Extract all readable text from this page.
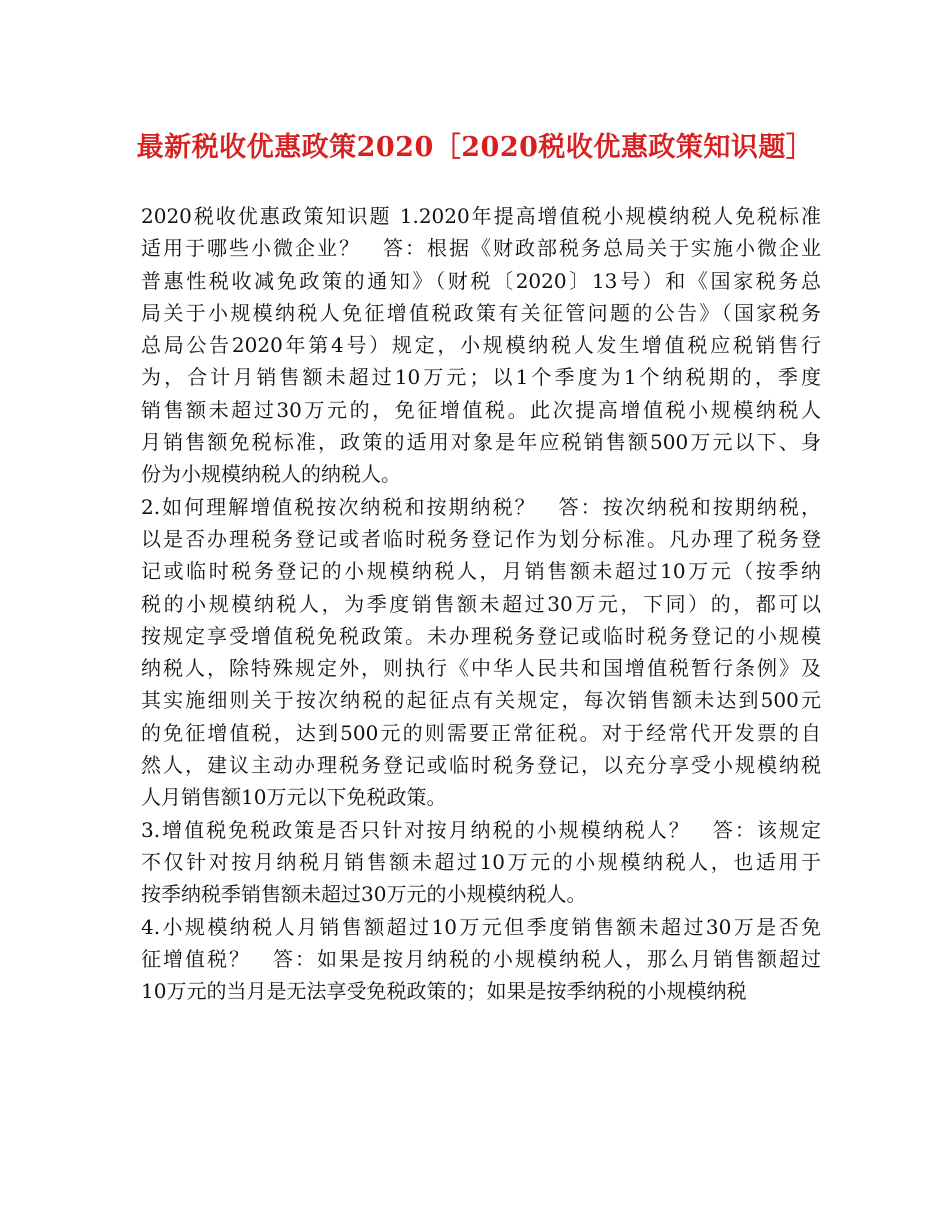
最新税收优惠政策2020［2020税收优惠政策知识题］
2020税收优惠政策知识题 1.2020年提高增值税小规模纳税人免税标准
适用于哪些小微企业？　答：根据《财政部税务总局关于实施小微企业
普惠性税收减免政策的通知》（财税〔2020〕13号）和《国家税务总
局关于小规模纳税人免征增值税政策有关征管问题的公告》（国家税务
总局公告2020年第4号）规定，小规模纳税人发生增值税应税销售行
为，合计月销售额未超过10万元；以1个季度为1个纳税期的，季度
销售额未超过30万元的，免征增值税。此次提高增值税小规模纳税人
月销售额免税标准，政策的适用对象是年应税销售额500万元以下、身
份为小规模纳税人的纳税人。
2.如何理解增值税按次纳税和按期纳税？　答：按次纳税和按期纳税，
以是否办理税务登记或者临时税务登记作为划分标准。凡办理了税务登
记或临时税务登记的小规模纳税人，月销售额未超过10万元（按季纳
税的小规模纳税人，为季度销售额未超过30万元，下同）的，都可以
按规定享受增值税免税政策。未办理税务登记或临时税务登记的小规模
纳税人，除特殊规定外，则执行《中华人民共和国增值税暂行条例》及
其实施细则关于按次纳税的起征点有关规定，每次销售额未达到500元
的免征增值税，达到500元的则需要正常征税。对于经常代开发票的自
然人，建议主动办理税务登记或临时税务登记，以充分享受小规模纳税
人月销售额10万元以下免税政策。
3.增值税免税政策是否只针对按月纳税的小规模纳税人？　答：该规定
不仅针对按月纳税月销售额未超过10万元的小规模纳税人，也适用于
按季纳税季销售额未超过30万元的小规模纳税人。
4.小规模纳税人月销售额超过10万元但季度销售额未超过30万是否免
征增值税？　答：如果是按月纳税的小规模纳税人，那么月销售额超过
10万元的当月是无法享受免税政策的；如果是按季纳税的小规模纳税
